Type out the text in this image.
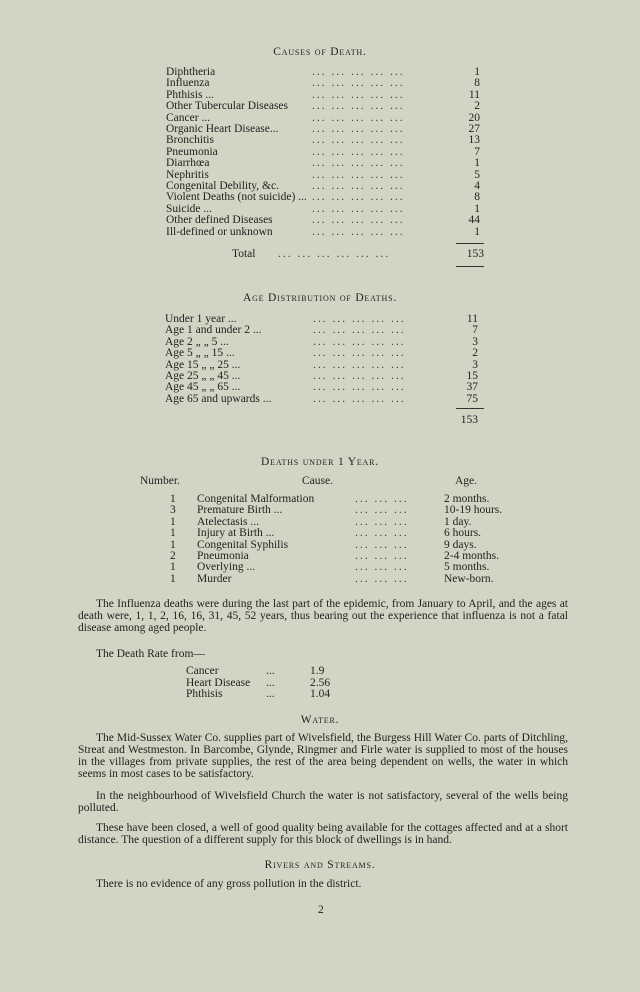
Causes of Death.
Diphtheria	... ... ... ... ...	1
Influenza	... ... ... ... ...	8
Phthisis ...	... ... ... ... ...	11
Other Tubercular Diseases ... ... ... ... ...	2
Cancer ...	... ... ... ... ...	20
Organic Heart Disease...	... ... ... ... ...	27
Bronchitis	... ... ... ... ...	13
Pneumonia	... ... ... ... ...	7
Diarrhœa	... ... ... ... ...	1
Nephritis	... ... ... ... ...	5
Congenital Debility, &c.	... ... ... ... ...	4
Violent Deaths (not suicide) ... ... ... ... ... ...	8
Suicide ...	... ... ... ... ...	1
Other defined Diseases	... ... ... ... ...	44
Ill-defined or unknown	... ... ... ... ...	1
Total ... ... ... ... ... ...	153
Age Distribution of Deaths.
Under 1 year ...	... ... ... ... ...	11
Age 1 and under 2 ...	... ... ... ... ...	7
Age 2 „ „ 5 ...	... ... ... ... ...	3
Age 5 „ „ 15 ...	... ... ... ... ...	2
Age 15 „ „ 25 ...	... ... ... ... ...	3
Age 25 „ „ 45 ...	... ... ... ... ...	15
Age 45 „ „ 65 ...	... ... ... ... ...	37
Age 65 and upwards ...	... ... ... ... ...	75
153
Deaths under 1 Year.
Number.	Cause.	Age.
1 Congenital Malformation	... ... ...	2 months.
3 Premature Birth ...	... ... ...	10-19 hours.
1 Atelectasis ...	... ... ...	1 day.
1 Injury at Birth ...	... ... ...	6 hours.
1 Congenital Syphilis	... ... ...	9 days.
2 Pneumonia	... ... ...	2-4 months.
1 Overlying ...	... ... ...	5 months.
1 Murder	... ... ...	New-born.
The Influenza deaths were during the last part of the epidemic, from January to April, and the ages at death were, 1, 1, 2, 16, 16, 31, 45, 52 years, thus bearing out the experience that influenza is not a fatal disease among aged people.
The Death Rate from—
Cancer	...	1.9
Heart Disease ...	2.56
Phthisis	...	1.04
Water.
The Mid-Sussex Water Co. supplies part of Wivelsfield, the Burgess Hill Water Co. parts of Ditchling, Streat and Westmeston. In Barcombe, Glynde, Ringmer and Firle water is supplied to most of the houses in the villages from private supplies, the rest of the area being dependent on wells, the water in which seems in most cases to be satisfactory.
In the neighbourhood of Wivelsfield Church the water is not satisfactory, several of the wells being polluted.
These have been closed, a well of good quality being available for the cottages affected and at a short distance. The question of a different supply for this block of dwellings is in hand.
Rivers and Streams.
There is no evidence of any gross pollution in the district.
2
